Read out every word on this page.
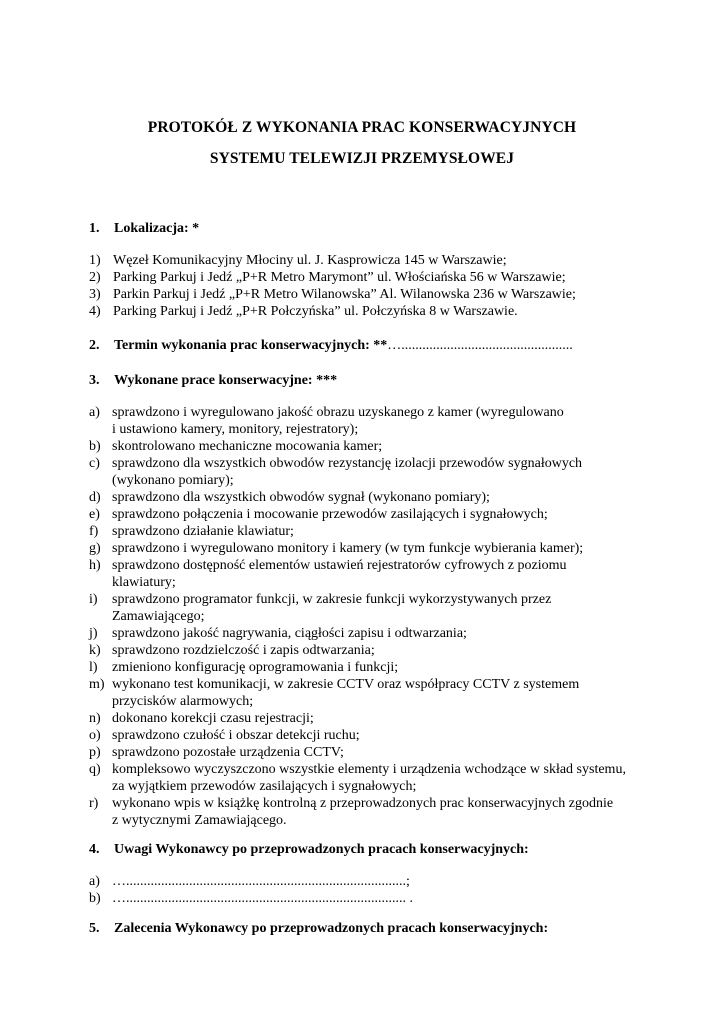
PROTOKÓŁ Z WYKONANIA PRAC KONSERWACYJNYCH
SYSTEMU TELEWIZJI PRZEMYSŁOWEJ
1. Lokalizacja: *
1) Węzeł Komunikacyjny Młociny ul. J. Kasprowicza 145 w Warszawie;
2) Parking Parkuj i Jedź „P+R Metro Marymont” ul. Włościańska 56 w Warszawie;
3) Parkin Parkuj i Jedź „P+R Metro Wilanowska” Al. Wilanowska 236 w Warszawie;
4) Parking Parkuj i Jedź „P+R Połczyńska” ul. Połczyńska 8 w Warszawie.
2. Termin wykonania prac konserwacyjnych: **….................................................
3. Wykonane prace konserwacyjne: ***
a) sprawdzono i wyregulowano jakość obrazu uzyskanego z kamer (wyregulowano
i ustawiono kamery, monitory, rejestratory);
b) skontrolowano mechaniczne mocowania kamer;
c) sprawdzono dla wszystkich obwodów rezystancję izolacji przewodów sygnałowych
(wykonano pomiary);
d) sprawdzono dla wszystkich obwodów sygnał (wykonano pomiary);
e) sprawdzono połączenia i mocowanie przewodów zasilających i sygnałowych;
f) sprawdzono działanie klawiatur;
g) sprawdzono i wyregulowano monitory i kamery (w tym funkcje wybierania kamer);
h) sprawdzono dostępność elementów ustawień rejestratorów cyfrowych z poziomu
klawiatury;
i) sprawdzono programator funkcji, w zakresie funkcji wykorzystywanych przez
Zamawiającego;
j) sprawdzono jakość nagrywania, ciągłości zapisu i odtwarzania;
k) sprawdzono rozdzielczość i zapis odtwarzania;
l) zmieniono konfigurację oprogramowania i funkcji;
m) wykonano test komunikacji, w zakresie CCTV oraz współpracy CCTV z systemem
przycisków alarmowych;
n) dokonano korekcji czasu rejestracji;
o) sprawdzono czułość i obszar detekcji ruchu;
p) sprawdzono pozostałe urządzenia CCTV;
q) kompleksowo wyczyszczono wszystkie elementy i urządzenia wchodzące w skład systemu,
za wyjątkiem przewodów zasilających i sygnałowych;
r) wykonano wpis w książkę kontrolną z przeprowadzonych prac konserwacyjnych zgodnie
z wytycznymi Zamawiającego.
4. Uwagi Wykonawcy po przeprowadzonych pracach konserwacyjnych:
a) …................................................................................;
b) …................................................................................ .
5. Zalecenia Wykonawcy po przeprowadzonych pracach konserwacyjnych:
